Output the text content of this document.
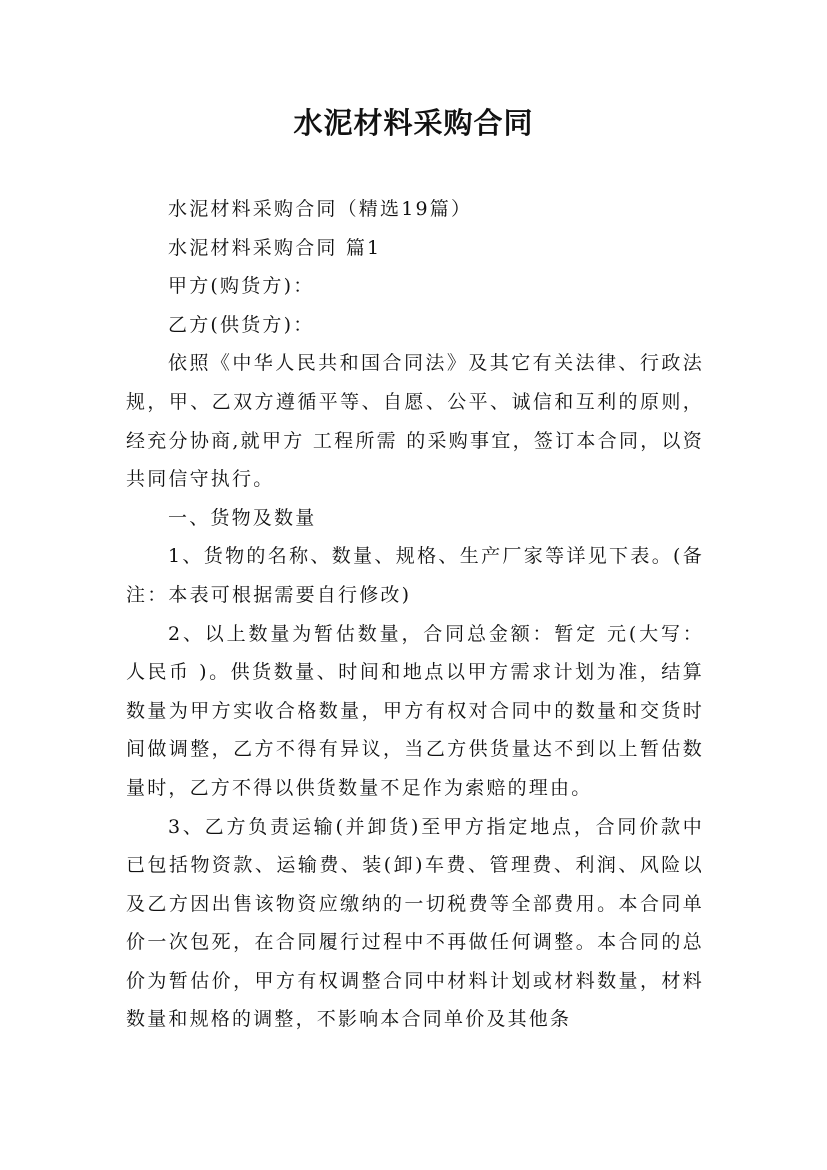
水泥材料采购合同

水泥材料采购合同（精选19篇）

水泥材料采购合同 篇1

甲方(购货方)：

乙方(供货方)：

依照《中华人民共和国合同法》及其它有关法律、行政法规，甲、乙双方遵循平等、自愿、公平、诚信和互利的原则，经充分协商,就甲方 工程所需 的采购事宜，签订本合同，以资共同信守执行。

一、货物及数量

1、货物的名称、数量、规格、生产厂家等详见下表。(备注：本表可根据需要自行修改)

2、以上数量为暂估数量，合同总金额：暂定 元(大写：人民币 )。供货数量、时间和地点以甲方需求计划为准，结算数量为甲方实收合格数量，甲方有权对合同中的数量和交货时间做调整，乙方不得有异议，当乙方供货量达不到以上暂估数量时，乙方不得以供货数量不足作为索赔的理由。

3、乙方负责运输(并卸货)至甲方指定地点，合同价款中已包括物资款、运输费、装(卸)车费、管理费、利润、风险以及乙方因出售该物资应缴纳的一切税费等全部费用。本合同单价一次包死，在合同履行过程中不再做任何调整。本合同的总价为暂估价，甲方有权调整合同中材料计划或材料数量，材料数量和规格的调整，不影响本合同单价及其他条
